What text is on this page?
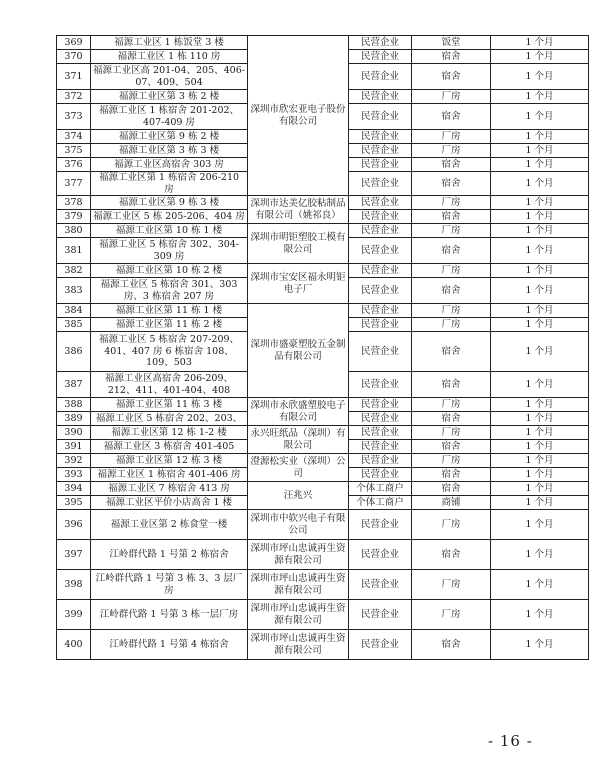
369	福源工业区 1 栋饭堂 3 楼	深圳市欣宏亚电子股份有限公司	民营企业	饭堂	1 个月
370	福源工业区 1 栋 110 房		民营企业	宿舍	1 个月
371	福源工业区高 201-04、205、406-07、409、504		民营企业	宿舍	1 个月
372	福源工业区第 3 栋 2 楼		民营企业	厂房	1 个月
373	福源工业区 1 栋宿舍 201-202、407-409 房		民营企业	宿舍	1 个月
374	福源工业区第 9 栋 2 楼		民营企业	厂房	1 个月
375	福源工业区第 3 栋 3 楼		民营企业	厂房	1 个月
376	福源工业区高宿舍 303 房		民营企业	宿舍	1 个月
377	福源工业区第 1 栋宿舍 206-210 房		民营企业	宿舍	1 个月
378	福源工业区第 9 栋 3 楼	深圳市达美亿胶粘制品有限公司（姚祁良）	民营企业	厂房	1 个月
379	福源工业区 5 栋 205-206、404 房		民营企业	宿舍	1 个月
380	福源工业区第 10 栋 1 楼	深圳市明钜塑胶工模有限公司	民营企业	厂房	1 个月
381	福源工业区 5 栋宿舍 302、304-309 房		民营企业	宿舍	1 个月
382	福源工业区第 10 栋 2 楼	深圳市宝安区福永明钜电子厂	民营企业	厂房	1 个月
383	福源工业区 5 栋宿舍 301、303 房、3 栋宿舍 207 房		民营企业	宿舍	1 个月
384	福源工业区第 11 栋 1 楼	深圳市盛豪塑胶五金制品有限公司	民营企业	厂房	1 个月
385	福源工业区第 11 栋 2 楼		民营企业	厂房	1 个月
386	福源工业区 5 栋宿舍 207-209、401、407 房 6 栋宿舍 108、109、503		民营企业	宿舍	1 个月
387	福源工业区高宿舍 206-209、212、411、401-404、408		民营企业	宿舍	1 个月
388	福源工业区第 11 栋 3 楼	深圳市永欣盛塑胶电子有限公司	民营企业	厂房	1 个月
389	福源工业区 5 栋宿舍 202、203、		民营企业	宿舍	1 个月
390	福源工业区第 12 栋 1-2 楼	永兴旺纸品（深圳）有限公司	民营企业	厂房	1 个月
391	福源工业区 3 栋宿舍 401-405		民营企业	宿舍	1 个月
392	福源工业区第 12 栋 3 楼	澄源松实业（深圳）公司	民营企业	厂房	1 个月
393	福源工业区 1 栋宿舍 401-406 房		民营企业	宿舍	1 个月
394	福源工业区 7 栋宿舍 413 房	汪兆兴	个体工商户	宿舍	1 个月
395	福源工业区平价小店高舍 1 楼		个体工商户	商铺	1 个月
396	福源工业区第 2 栋食堂一楼	深圳市中软兴电子有限公司	民营企业	厂房	1 个月
397	江岭群代路 1 号第 2 栋宿舍	深圳市坪山忠诚再生资源有限公司	民营企业	宿舍	1 个月
398	江岭群代路 1 号第 3 栋 3、3 层厂房	深圳市坪山忠诚再生资源有限公司	民营企业	厂房	1 个月
399	江岭群代路 1 号第 3 栋一层厂房	深圳市坪山忠诚再生资源有限公司	民营企业	厂房	1 个月
400	江岭群代路 1 号第 4 栋宿舍	深圳市坪山忠诚再生资源有限公司	民营企业	宿舍	1 个月
- 16 -
